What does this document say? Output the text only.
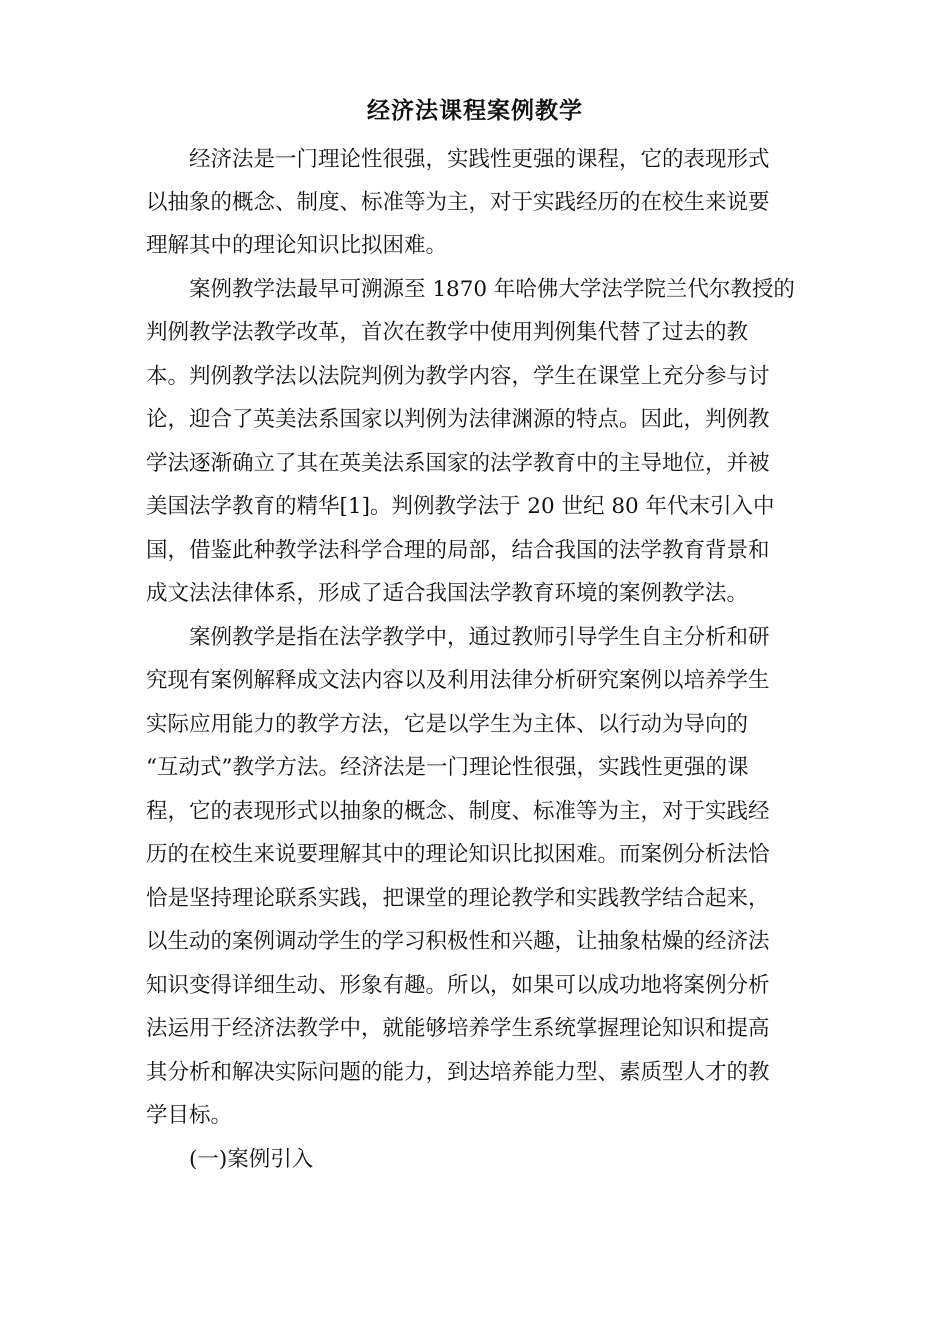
经济法课程案例教学
经济法是一门理论性很强，实践性更强的课程，它的表现形式
以抽象的概念、制度、标准等为主，对于实践经历的在校生来说要
理解其中的理论知识比拟困难。
案例教学法最早可溯源至 1870 年哈佛大学法学院兰代尔教授的
判例教学法教学改革，首次在教学中使用判例集代替了过去的教
本。判例教学法以法院判例为教学内容，学生在课堂上充分参与讨
论，迎合了英美法系国家以判例为法律渊源的特点。因此，判例教
学法逐渐确立了其在英美法系国家的法学教育中的主导地位，并被
美国法学教育的精华[1]。判例教学法于 20 世纪 80 年代末引入中
国，借鉴此种教学法科学合理的局部，结合我国的法学教育背景和
成文法法律体系，形成了适合我国法学教育环境的案例教学法。
案例教学是指在法学教学中，通过教师引导学生自主分析和研
究现有案例解释成文法内容以及利用法律分析研究案例以培养学生
实际应用能力的教学方法，它是以学生为主体、以行动为导向的
“互动式”教学方法。经济法是一门理论性很强，实践性更强的课
程，它的表现形式以抽象的概念、制度、标准等为主，对于实践经
历的在校生来说要理解其中的理论知识比拟困难。而案例分析法恰
恰是坚持理论联系实践，把课堂的理论教学和实践教学结合起来，
以生动的案例调动学生的学习积极性和兴趣，让抽象枯燥的经济法
知识变得详细生动、形象有趣。所以，如果可以成功地将案例分析
法运用于经济法教学中，就能够培养学生系统掌握理论知识和提高
其分析和解决实际问题的能力，到达培养能力型、素质型人才的教
学目标。
(一)案例引入
